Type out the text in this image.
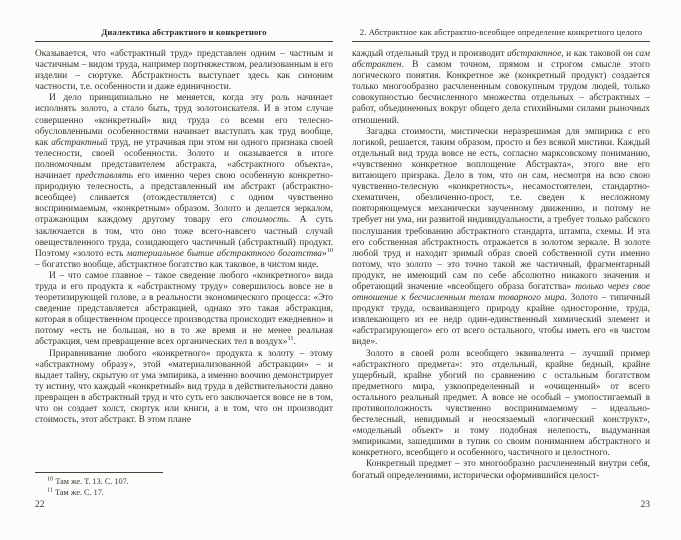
Диалектика абстрактного и конкретного

Оказывается, что «абстрактный труд» представлен одним – частным и частичным – видом труда, например портняжеством, реализованным в его изделии – сюртуке. Абстрактность выступает здесь как синоним частности, т.е. особенности и даже единичности.

И дело принципиально не меняется, когда эту роль начинает исполнять золото, а стало быть, труд золотоискателя. И в этом случае совершенно «конкретный» вид труда со всеми его телесно-обусловленными особенностями начинает выступать как труд вообще, как абстрактный труд, не утрачивая при этом ни одного признака своей телесности, своей особенности. Золото и оказывается в итоге полномочным представителем абстракта, «абстрактного объекта», начинает представлять его именно через свою особенную конкретно-природную телесность, а представленный им абстракт (абстрактно-всеобщее) сливается (отождествляется) с одним чувственно воспринимаемым, «конкретным» образом. Золото и делается зеркалом, отражающим каждому другому товару его стоимость. А суть заключается в том, что оно тоже всего-навсего частный случай овеществленного труда, созидающего частичный (абстрактный) продукт. Поэтому «золото есть материальное бытие абстрактного богатства»$^{10}$ – богатство вообще, абстрактное богатство как таковое, в чистом виде.

И – что самое главное – такое сведение любого «конкретного» вида труда и его продукта к «абстрактному труду» совершилось вовсе не в теоретизирующей голове, а в реальности экономического процесса: «Это сведение представляется абстракцией, однако это такая абстракция, которая в общественном процессе производства происходит ежедневно» и потому «есть не большая, но в то же время и не менее реальная абстракция, чем превращение всех органических тел в воздух»$^{11}$.

Приравнивание любого «конкретного» продукта к золоту – этому «абстрактному образу», этой «материализованной абстракции» – и выдает тайну, скрытую от ума эмпирика, а именно воочию демонстрирует ту истину, что каждый «конкретный» вид труда в действительности давно превращен в абстрактный труд и что суть его заключается вовсе не в том, что он создает холст, сюртук или книги, а в том, что он производит стоимость, этот абстракт. В этом плане

$^{10}$ Там же. Т. 13. С. 107.
$^{11}$ Там же. С. 17.
22
2. Абстрактное как абстрактно-всеобщее определение конкретного целого

каждый отдельный труд и производит абстрактное, и как таковой он сам абстрактен. В самом точном, прямом и строгом смысле этого логического понятия. Конкретное же (конкретный продукт) создается только многообразно расчлененным совокупным трудом людей, только совокупностью бесчисленного множества отдельных – абстрактных – работ, объединенных вокруг общего дела стихийными силами рыночных отношений.

Загадка стоимости, мистически неразрешимая для эмпирика с его логикой, решается, таким образом, просто и без всякой мистики. Каждый отдельный вид труда вовсе не есть, согласно марксовскому пониманию, «чувственно конкретное воплощение Абстракта», этого вне его витающего призрака. Дело в том, что он сам, несмотря на всю свою чувственно-телесную «конкретность», несамостоятелен, стандартно-схематичен, обезличенно-прост, т.е. сведен к несложному повторяющемуся механически заученному движению, и потому не требует ни ума, ни развитой индивидуальности, а требует только рабского послушания требованию абстрактного стандарта, штампа, схемы. И эта его собственная абстрактность отражается в золотом зеркале. В золоте любой труд и находит зримый образ своей собственной сути именно потому, что золото – это точно такой же частичный, фрагментарный продукт, не имеющий сам по себе абсолютно никакого значения и обретающий значение «всеобщего образа богатства» только через свое отношение к бесчисленным телам товарного мира. Золото – типичный продукт труда, осваивающего природу крайне односторонне, труда, извлекающего из ее недр один-единственный химический элемент и «абстрагирующего» его от всего остального, чтобы иметь его «в чистом виде».

Золото в своей роли всеобщего эквивалента – лучший пример «абстрактного предмета»: это отдельный, крайне бедный, крайне ущербный, крайне убогий по сравнению с остальным богатством предметного мира, узкоопределенный и «очищенный» от всего остального реальный предмет. А вовсе не особый – умопостигаемый в противоположность чувственно воспринимаемому – идеально-бестелесный, невидимый и неосязаемый «логический конструкт», «модельный объект» и тому подобная нелепость, выдуманная эмпириками, зашедшими в тупик со своим пониманием абстрактного и конкретного, всеобщего и особенного, частичного и целостного.

Конкретный предмет – это многообразно расчлененный внутри себя, богатый определениями, исторически оформившийся целост-

23
